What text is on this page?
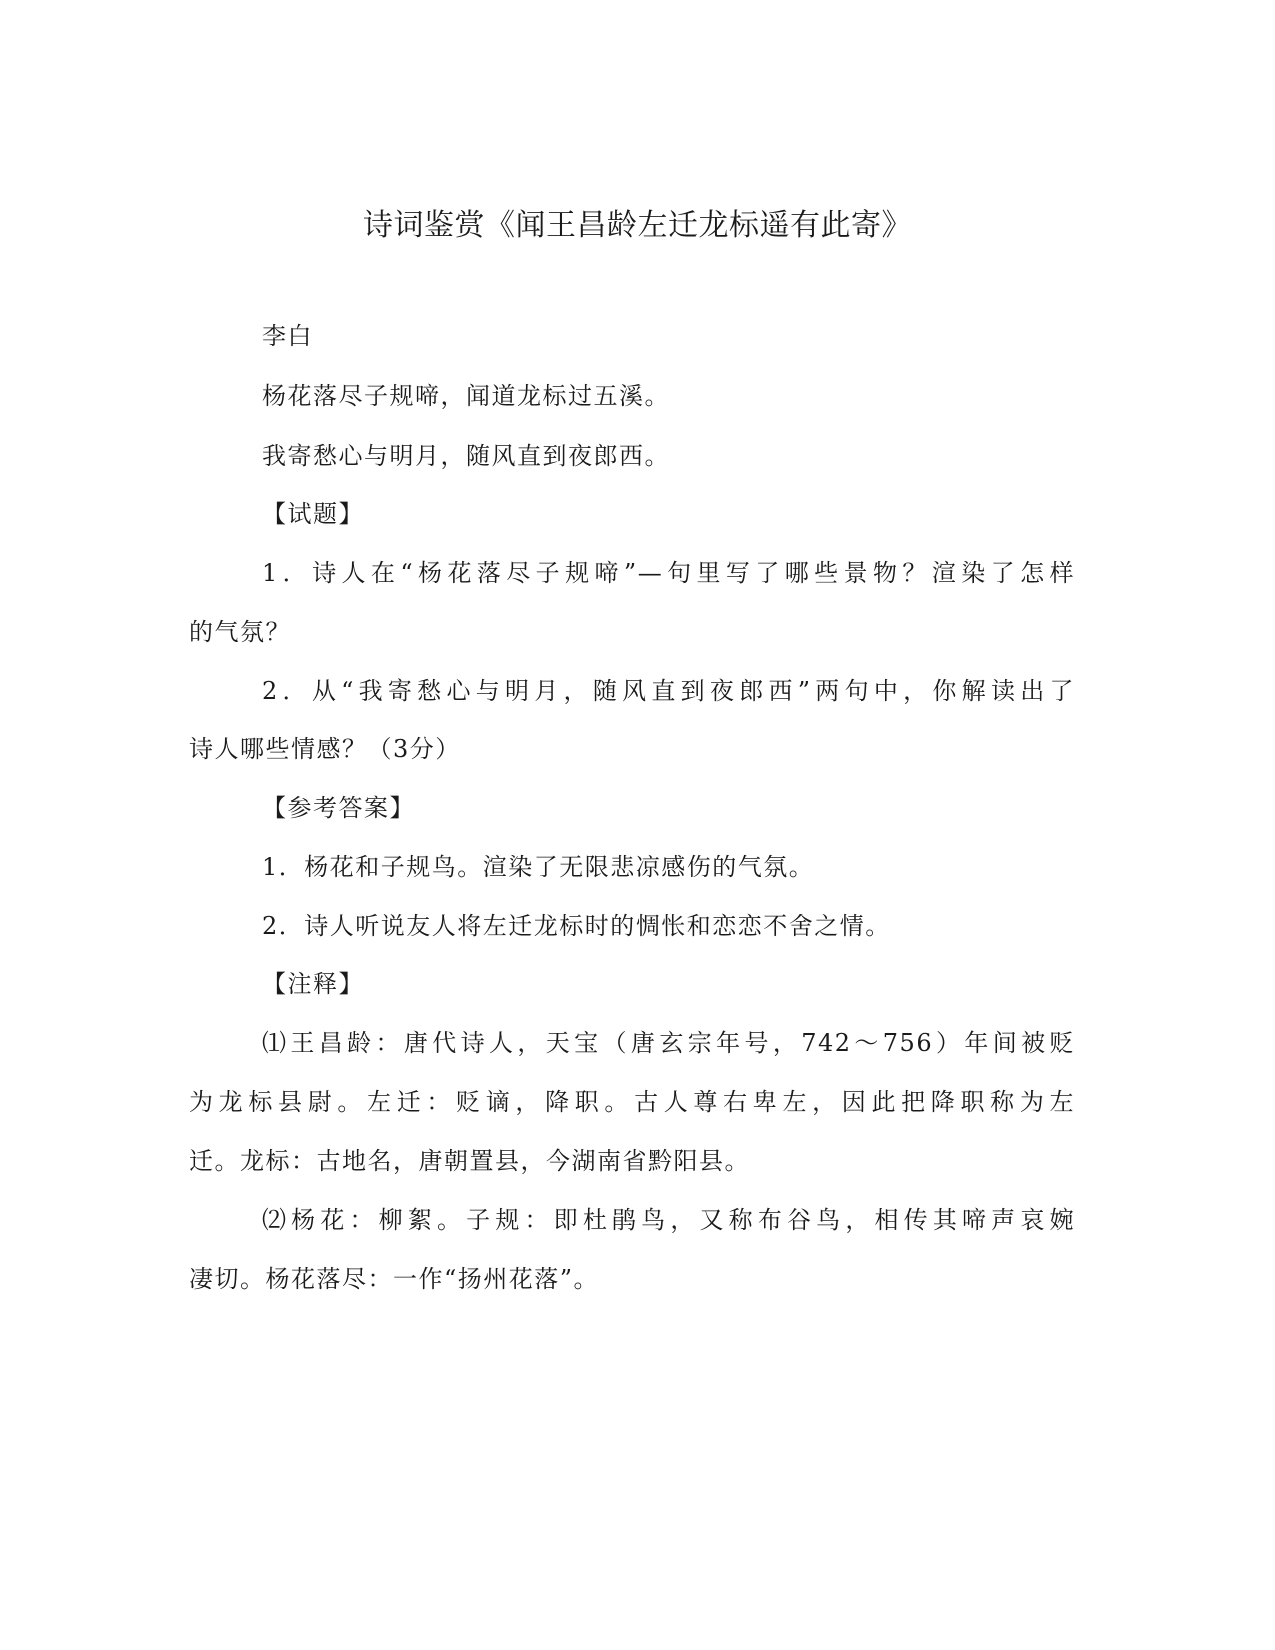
诗词鉴赏《闻王昌龄左迁龙标遥有此寄》
李白
杨花落尽子规啼，闻道龙标过五溪。
我寄愁心与明月，随风直到夜郎西。
【试题】
1．诗人在“杨花落尽子规啼”—句里写了哪些景物？渲染了怎样
的气氛？
2．从“我寄愁心与明月，随风直到夜郎西”两句中，你解读出了
诗人哪些情感？（3分）
【参考答案】
1．杨花和子规鸟。渲染了无限悲凉感伤的气氛。
2．诗人听说友人将左迁龙标时的惆怅和恋恋不舍之情。
【注释】
⑴王昌龄：唐代诗人，天宝（唐玄宗年号，742～756）年间被贬
为龙标县尉。左迁：贬谪，降职。古人尊右卑左，因此把降职称为左
迁。龙标：古地名，唐朝置县，今湖南省黔阳县。
⑵杨花：柳絮。子规：即杜鹃鸟，又称布谷鸟，相传其啼声哀婉
凄切。杨花落尽：一作“扬州花落”。
